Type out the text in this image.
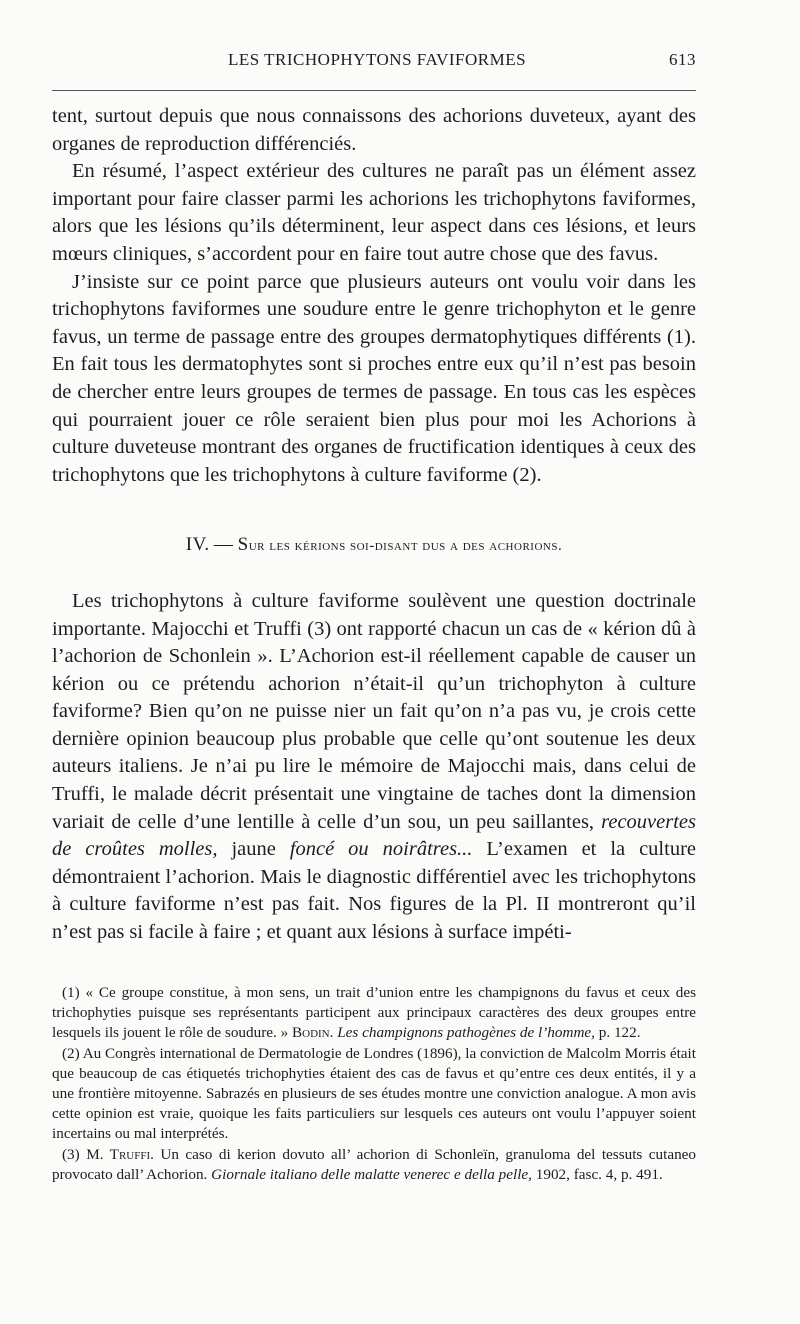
LES TRICHOPHYTONS FAVIFORMES	613

tent, surtout depuis que nous connaissons des achorions duveteux, ayant des organes de reproduction différenciés.

En résumé, l’aspect extérieur des cultures ne paraît pas un élément assez important pour faire classer parmi les achorions les trichophytons faviformes, alors que les lésions qu’ils déterminent, leur aspect dans ces lésions, et leurs mœurs cliniques, s’accordent pour en faire tout autre chose que des favus.

J’insiste sur ce point parce que plusieurs auteurs ont voulu voir dans les trichophytons faviformes une soudure entre le genre trichophyton et le genre favus, un terme de passage entre des groupes dermatophytiques différents (1). En fait tous les dermatophytes sont si proches entre eux qu’il n’est pas besoin de chercher entre leurs groupes de termes de passage. En tous cas les espèces qui pourraient jouer ce rôle seraient bien plus pour moi les Achorions à culture duveteuse montrant des organes de fructification identiques à ceux des trichophytons que les trichophytons à culture faviforme (2).

IV. — Sur les kérions soi-disant dus a des achorions.

Les trichophytons à culture faviforme soulèvent une question doctrinale importante. Majocchi et Truffi (3) ont rapporté chacun un cas de « kérion dû à l’achorion de Schonlein ». L’Achorion est-il réellement capable de causer un kérion ou ce prétendu achorion n’était-il qu’un trichophyton à culture faviforme? Bien qu’on ne puisse nier un fait qu’on n’a pas vu, je crois cette dernière opinion beaucoup plus probable que celle qu’ont soutenue les deux auteurs italiens. Je n’ai pu lire le mémoire de Majocchi mais, dans celui de Truffi, le malade décrit présentait une vingtaine de taches dont la dimension variait de celle d’une lentille à celle d’un sou, un peu saillantes, recouvertes de croûtes molles, jaune foncé ou noirâtres... L’examen et la culture démontraient l’achorion. Mais le diagnostic différentiel avec les trichophytons à culture faviforme n’est pas fait. Nos figures de la Pl. II montreront qu’il n’est pas si facile à faire ; et quant aux lésions à surface impéti-

(1) « Ce groupe constitue, à mon sens, un trait d’union entre les champignons du favus et ceux des trichophyties puisque ses représentants participent aux principaux caractères des deux groupes entre lesquels ils jouent le rôle de soudure. » Bodin. Les champignons pathogènes de l’homme, p. 122.

(2) Au Congrès international de Dermatologie de Londres (1896), la conviction de Malcolm Morris était que beaucoup de cas étiquetés trichophyties étaient des cas de favus et qu’entre ces deux entités, il y a une frontière mitoyenne. Sabrazés en plusieurs de ses études montre une conviction analogue. A mon avis cette opinion est vraie, quoique les faits particuliers sur lesquels ces auteurs ont voulu l’appuyer soient incertains ou mal interprétés.

(3) M. Truffi. Un caso di kerion dovuto all’ achorion di Schonleïn, granuloma del tessuts cutaneo provocato dall’ Achorion. Giornale italiano delle malatte venerec e della pelle, 1902, fasc. 4, p. 491.
